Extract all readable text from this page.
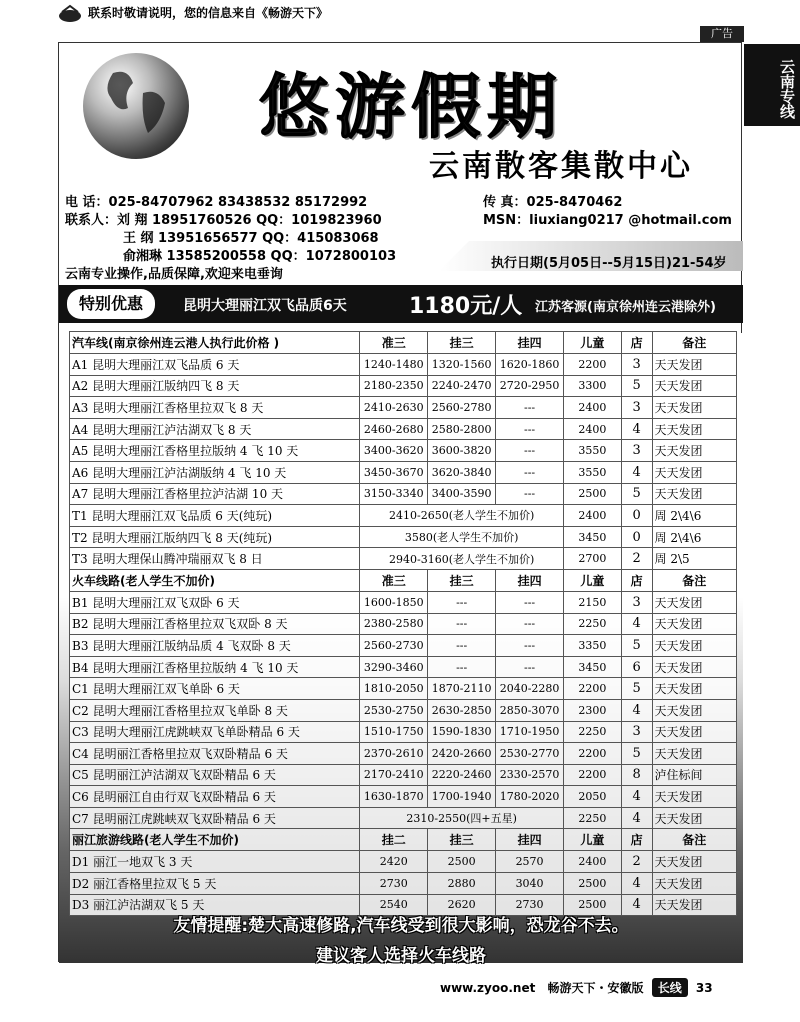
联系时敬请说明，您的信息来自《畅游天下》
广告
云南专线
悠游假期
云南散客集散中心
电 话：025-84707962 83438532 85172992	传 真：025-8470462
联系人：刘 翔 18951760526 QQ：1019823960	MSN：liuxiang0217 @hotmail.com
王 纲 13951656577 QQ：415083068
俞湘琳 13585200558 QQ：1072800103
云南专业操作,品质保障,欢迎来电垂询
执行日期(5月05日--5月15日)21-54岁
特别优惠	昆明大理丽江双飞品质6天	1180元/人 江苏客源(南京徐州连云港除外)
汽车线(南京徐州连云港人执行此价格 )	准三	挂三	挂四	儿童	店	备注
A1 昆明大理丽江双飞品质 6 天	1240-1480	1320-1560	1620-1860	2200	3	天天发团
A2 昆明大理丽江版纳四飞 8 天	2180-2350	2240-2470	2720-2950	3300	5	天天发团
A3 昆明大理丽江香格里拉双飞 8 天	2410-2630	2560-2780	---	2400	3	天天发团
A4 昆明大理丽江泸沽湖双飞 8 天	2460-2680	2580-2800	---	2400	4	天天发团
A5 昆明大理丽江香格里拉版纳 4 飞 10 天	3400-3620	3600-3820	---	3550	3	天天发团
A6 昆明大理丽江泸沽湖版纳 4 飞 10 天	3450-3670	3620-3840	---	3550	4	天天发团
A7 昆明大理丽江香格里拉泸沽湖 10 天	3150-3340	3400-3590	---	2500	5	天天发团
T1 昆明大理丽江双飞品质 6 天(纯玩)	2410-2650(老人学生不加价)			2400	0	周 2\4\6
T2 昆明大理丽江版纳四飞 8 天(纯玩)	3580(老人学生不加价)			3450	0	周 2\4\6
T3 昆明大理保山腾冲瑞丽双飞 8 日	2940-3160(老人学生不加价)			2700	2	周 2\5
火车线路(老人学生不加价)	准三	挂三	挂四	儿童	店	备注
B1 昆明大理丽江双飞双卧 6 天	1600-1850	---	---	2150	3	天天发团
B2 昆明大理丽江香格里拉双飞双卧 8 天	2380-2580	---	---	2250	4	天天发团
B3 昆明大理丽江版纳品质 4 飞双卧 8 天	2560-2730	---	---	3350	5	天天发团
B4 昆明大理丽江香格里拉版纳 4 飞 10 天	3290-3460	---	---	3450	6	天天发团
C1 昆明大理丽江双飞单卧 6 天	1810-2050	1870-2110	2040-2280	2200	5	天天发团
C2 昆明大理丽江香格里拉双飞单卧 8 天	2530-2750	2630-2850	2850-3070	2300	4	天天发团
C3 昆明大理丽江虎跳峡双飞单卧精品 6 天	1510-1750	1590-1830	1710-1950	2250	3	天天发团
C4 昆明丽江香格里拉双飞双卧精品 6 天	2370-2610	2420-2660	2530-2770	2200	5	天天发团
C5 昆明丽江泸沽湖双飞双卧精品 6 天	2170-2410	2220-2460	2330-2570	2200	8	泸住标间
C6 昆明丽江自由行双飞双卧精品 6 天	1630-1870	1700-1940	1780-2020	2050	4	天天发团
C7 昆明丽江虎跳峡双飞双卧精品 6 天	2310-2550(四+五星)			2250	4	天天发团
丽江旅游线路(老人学生不加价)	挂二	挂三	挂四	儿童	店	备注
D1 丽江一地双飞 3 天	2420	2500	2570	2400	2	天天发团
D2 丽江香格里拉双飞 5 天	2730	2880	3040	2500	4	天天发团
D3 丽江泸沽湖双飞 5 天	2540	2620	2730	2500	4	天天发团
友情提醒:楚大高速修路,汽车线受到很大影响，恐龙谷不去。
建议客人选择火车线路
www.zyoo.net 畅游天下・安徽版 长线 33
